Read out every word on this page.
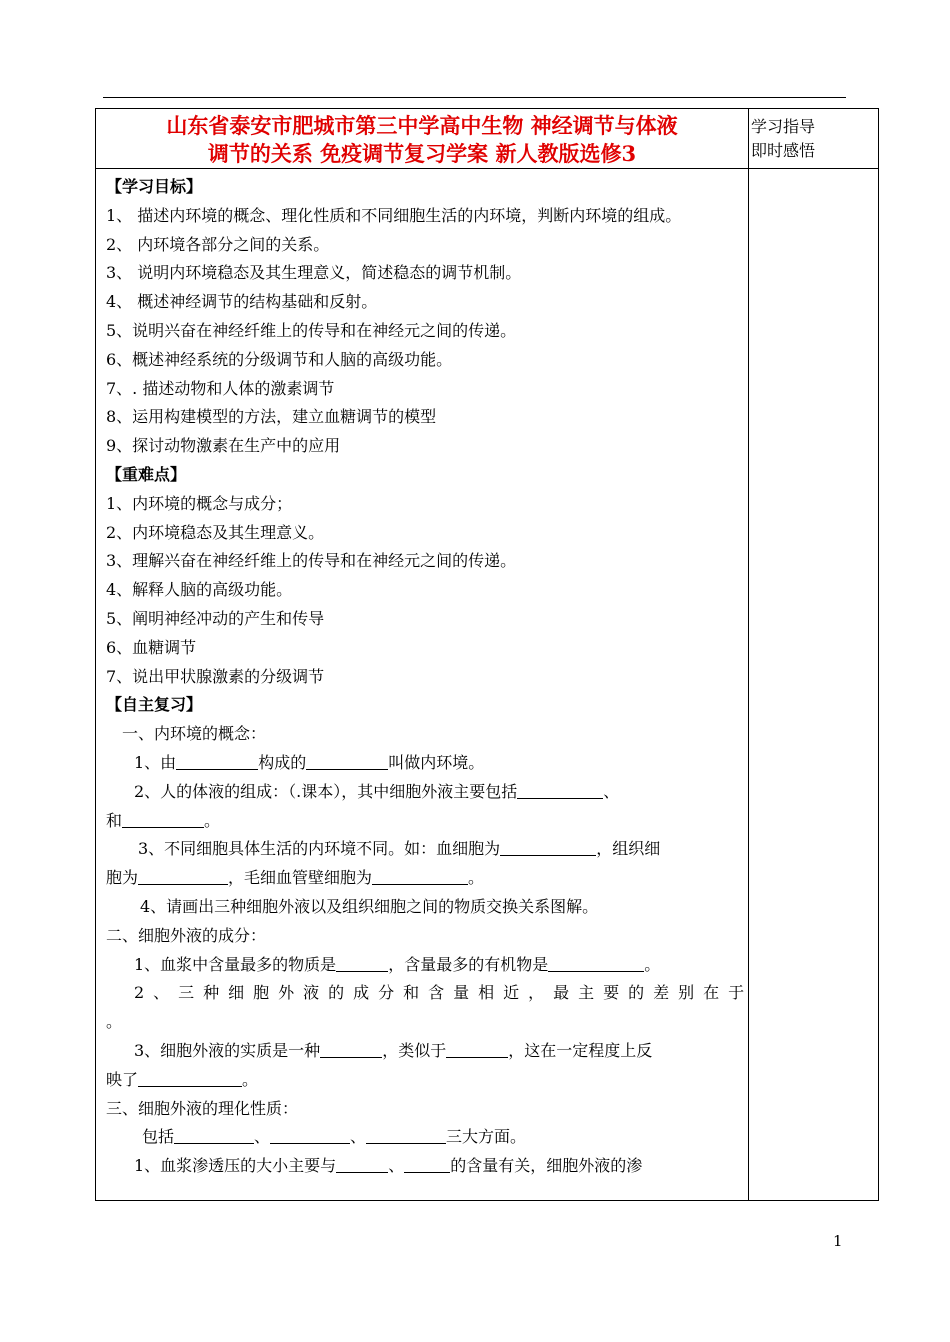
山东省泰安市肥城市第三中学高中生物 神经调节与体液
调节的关系 免疫调节复习学案 新人教版选修3
【学习目标】
1、 描述内环境的概念、理化性质和不同细胞生活的内环境，判断内环境的组成。
2、 内环境各部分之间的关系。
3、 说明内环境稳态及其生理意义，简述稳态的调节机制。
4、 概述神经调节的结构基础和反射。
5、说明兴奋在神经纤维上的传导和在神经元之间的传递。
6、概述神经系统的分级调节和人脑的高级功能。
7、. 描述动物和人体的激素调节
8、运用构建模型的方法，建立血糖调节的模型
9、探讨动物激素在生产中的应用
【重难点】
1、内环境的概念与成分；
2、内环境稳态及其生理意义。
3、理解兴奋在神经纤维上的传导和在神经元之间的传递。
4、解释人脑的高级功能。
5、阐明神经冲动的产生和传导
6、血糖调节
7、说出甲状腺激素的分级调节
【自主复习】
一、内环境的概念：
1、由	构成的	叫做内环境。
2、人的体液的组成：（.课本），其中细胞外液主要包括	、
和	。
3、不同细胞具体生活的内环境不同。如：血细胞为	，组织细
胞为	，毛细血管壁细胞为	。
4、请画出三种细胞外液以及组织细胞之间的物质交换关系图解。
二、细胞外液的成分：
1、血浆中含量最多的物质是	，含量最多的有机物是	。
2、三种细胞外液的成分和含量相近，最主要的差别在于
。
3、细胞外液的实质是一种	，类似于	，这在一定程度上反
映了	。
三、细胞外液的理化性质：
包括	、	、	三大方面。
1、血浆渗透压的大小主要与	、	的含量有关，细胞外液的渗
学习指导
即时感悟
1
